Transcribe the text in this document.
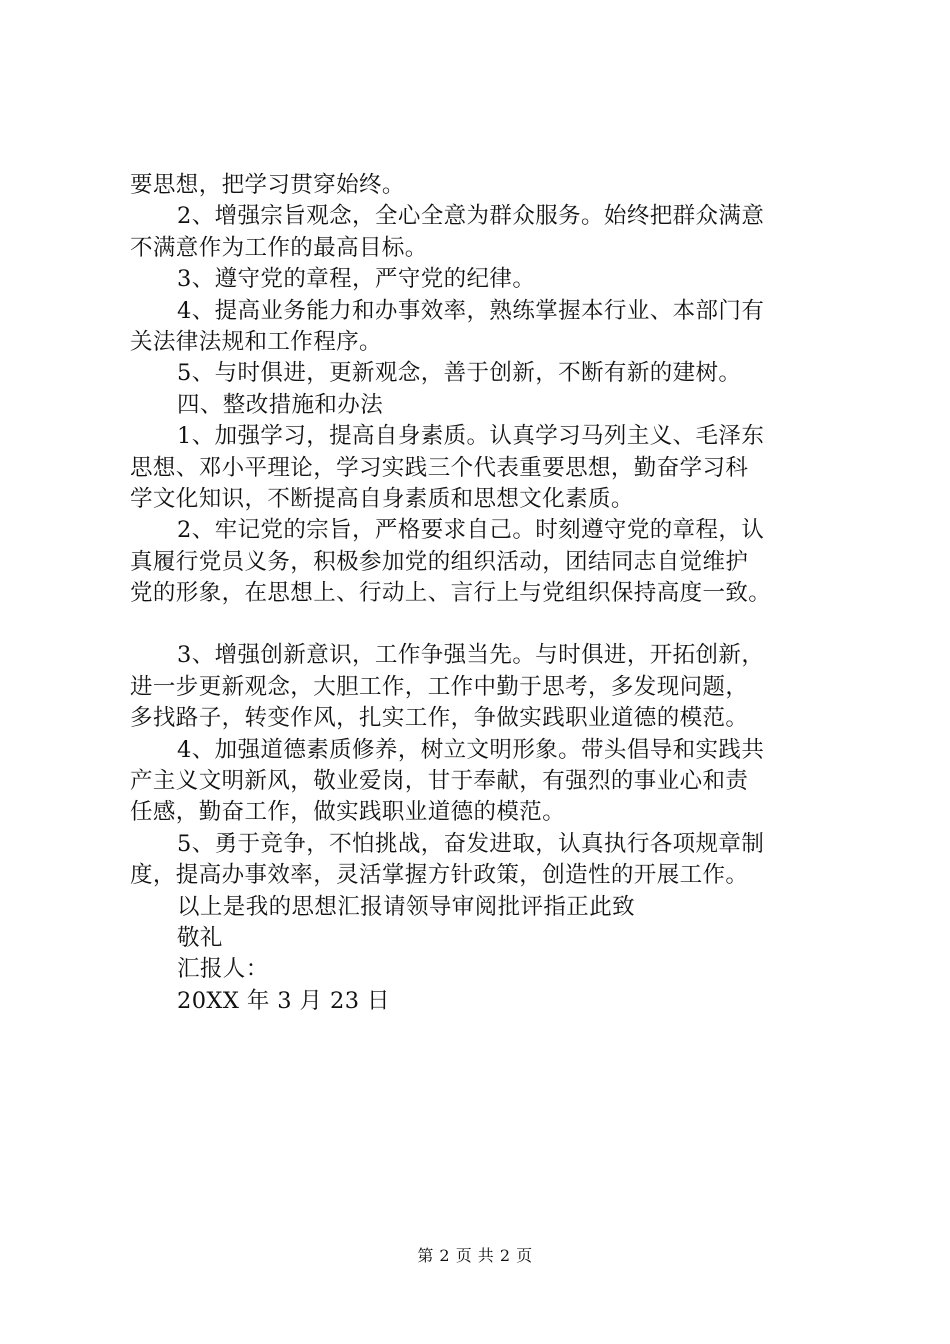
要思想，把学习贯穿始终。
2、增强宗旨观念，全心全意为群众服务。始终把群众满意
不满意作为工作的最高目标。
3、遵守党的章程，严守党的纪律。
4、提高业务能力和办事效率，熟练掌握本行业、本部门有
关法律法规和工作程序。
5、与时俱进，更新观念，善于创新，不断有新的建树。
四、整改措施和办法
1、加强学习，提高自身素质。认真学习马列主义、毛泽东
思想、邓小平理论，学习实践三个代表重要思想，勤奋学习科
学文化知识，不断提高自身素质和思想文化素质。
2、牢记党的宗旨，严格要求自己。时刻遵守党的章程，认
真履行党员义务，积极参加党的组织活动，团结同志自觉维护
党的形象，在思想上、行动上、言行上与党组织保持高度一致。
3、增强创新意识，工作争强当先。与时俱进，开拓创新，
进一步更新观念，大胆工作，工作中勤于思考，多发现问题，
多找路子，转变作风，扎实工作，争做实践职业道德的模范。
4、加强道德素质修养，树立文明形象。带头倡导和实践共
产主义文明新风，敬业爱岗，甘于奉献，有强烈的事业心和责
任感，勤奋工作，做实践职业道德的模范。
5、勇于竞争，不怕挑战，奋发进取，认真执行各项规章制
度，提高办事效率，灵活掌握方针政策，创造性的开展工作。
以上是我的思想汇报请领导审阅批评指正此致
敬礼
汇报人：
20XX 年 3 月 23 日
第 2 页 共 2 页
